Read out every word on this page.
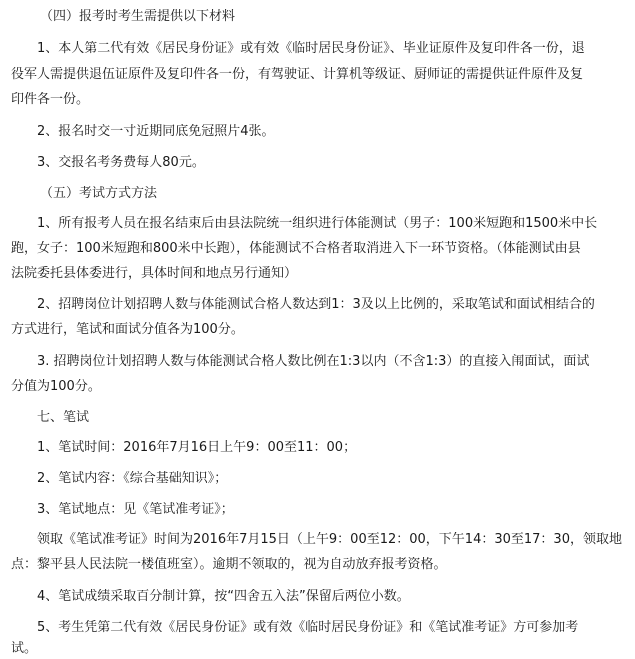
（四）报考时考生需提供以下材料
1、本人第二代有效《居民身份证》或有效《临时居民身份证》、毕业证原件及复印件各一份，退
役军人需提供退伍证原件及复印件各一份，有驾驶证、计算机等级证、厨师证的需提供证件原件及复
印件各一份。
2、报名时交一寸近期同底免冠照片4张。
3、交报名考务费每人80元。
（五）考试方式方法
1、所有报考人员在报名结束后由县法院统一组织进行体能测试（男子：100米短跑和1500米中长
跑，女子：100米短跑和800米中长跑），体能测试不合格者取消进入下一环节资格。（体能测试由县
法院委托县体委进行，具体时间和地点另行通知）
2、招聘岗位计划招聘人数与体能测试合格人数达到1：3及以上比例的，采取笔试和面试相结合的
方式进行，笔试和面试分值各为100分。
3. 招聘岗位计划招聘人数与体能测试合格人数比例在1:3以内（不含1:3）的直接入闱面试，面试
分值为100分。
七、笔试
1、笔试时间：2016年7月16日上午9：00至11：00；
2、笔试内容：《综合基础知识》；
3、笔试地点：见《笔试准考证》；
领取《笔试准考证》时间为2016年7月15日（上午9：00至12：00，下午14：30至17：30，领取地
点：黎平县人民法院一楼值班室）。逾期不领取的，视为自动放弃报考资格。
4、笔试成绩采取百分制计算，按“四舍五入法”保留后两位小数。
5、考生凭第二代有效《居民身份证》或有效《临时居民身份证》和《笔试准考证》方可参加考
试。
